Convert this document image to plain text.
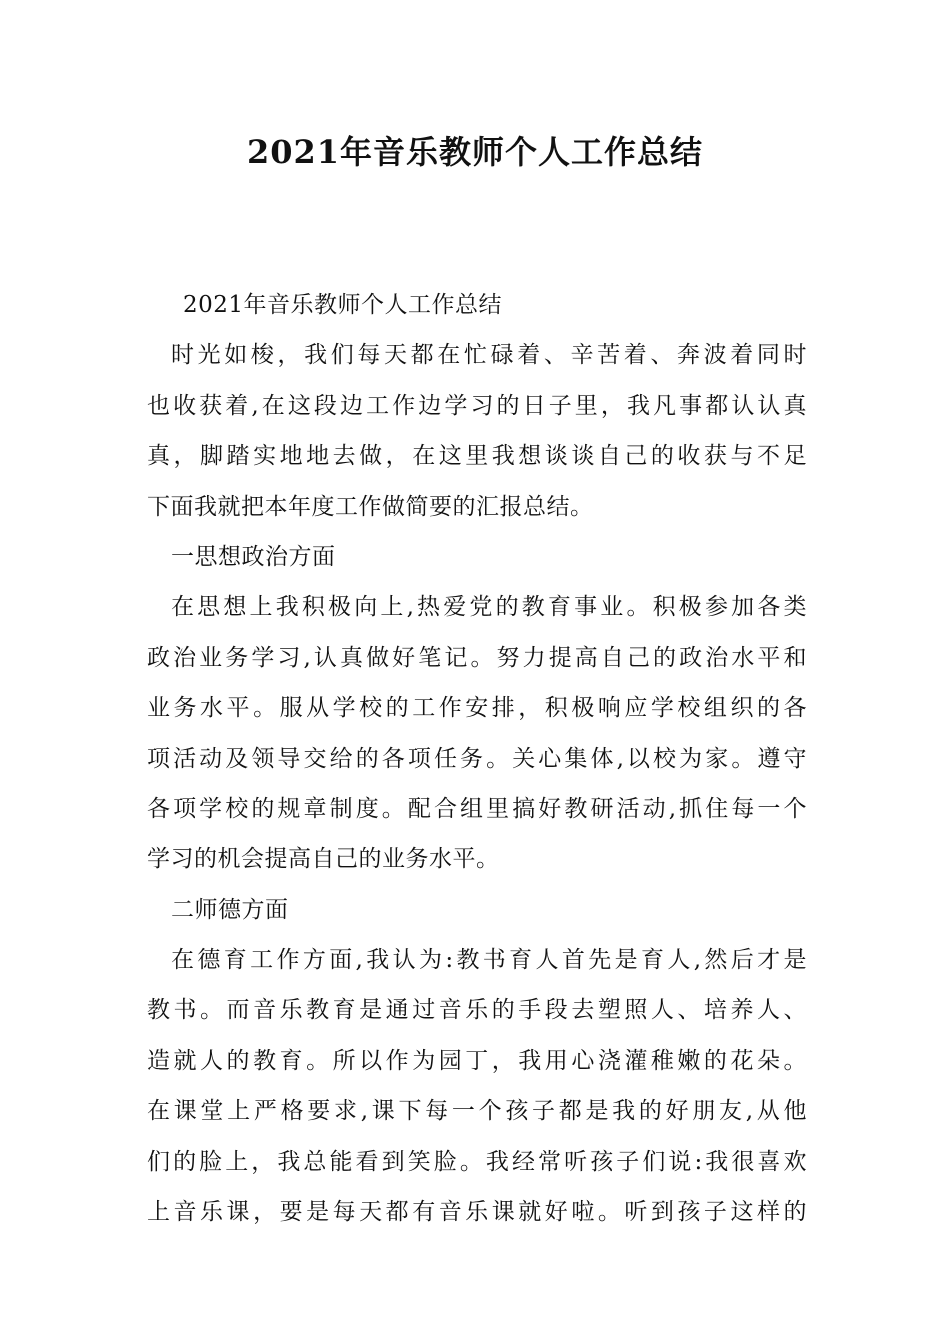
2021年音乐教师个人工作总结
2021年音乐教师个人工作总结
时光如梭，我们每天都在忙碌着、辛苦着、奔波着同时
也收获着,在这段边工作边学习的日子里，我凡事都认认真
真，脚踏实地地去做，在这里我想谈谈自己的收获与不足
下面我就把本年度工作做简要的汇报总结。
一思想政治方面
在思想上我积极向上,热爱党的教育事业。积极参加各类
政治业务学习,认真做好笔记。努力提高自己的政治水平和
业务水平。服从学校的工作安排，积极响应学校组织的各
项活动及领导交给的各项任务。关心集体,以校为家。遵守
各项学校的规章制度。配合组里搞好教研活动,抓住每一个
学习的机会提高自己的业务水平。
二师德方面
在德育工作方面,我认为:教书育人首先是育人,然后才是
教书。而音乐教育是通过音乐的手段去塑照人、培养人、
造就人的教育。所以作为园丁，我用心浇灌稚嫩的花朵。
在课堂上严格要求,课下每一个孩子都是我的好朋友,从他
们的脸上，我总能看到笑脸。我经常听孩子们说:我很喜欢
上音乐课，要是每天都有音乐课就好啦。听到孩子这样的
